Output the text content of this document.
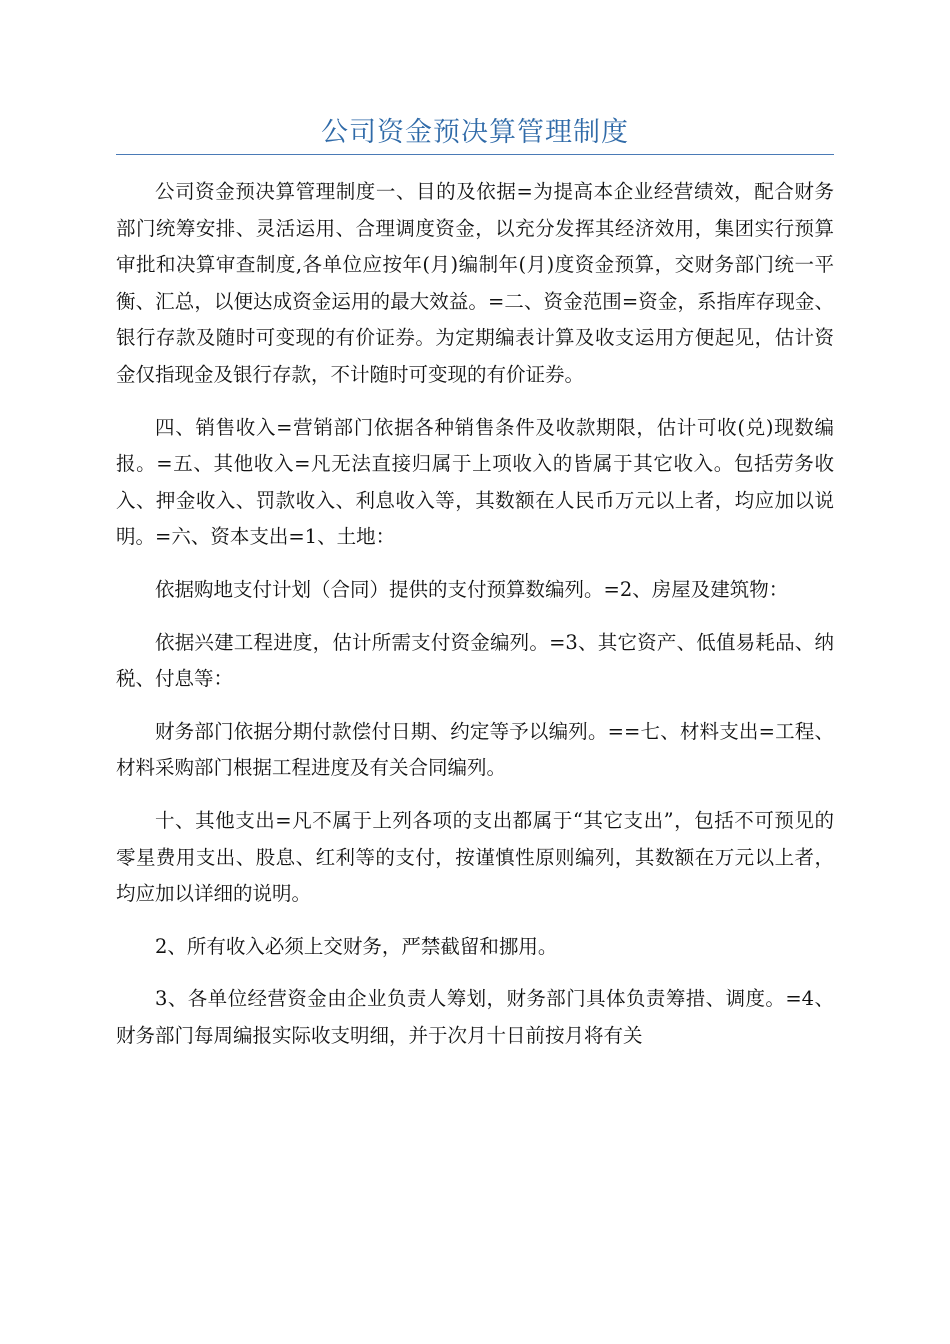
公司资金预决算管理制度

公司资金预决算管理制度一、目的及依据=为提高本企业经营绩效，配合财务部门统筹安排、灵活运用、合理调度资金，以充分发挥其经济效用，集团实行预算审批和决算审查制度,各单位应按年(月)编制年(月)度资金预算，交财务部门统一平衡、汇总，以便达成资金运用的最大效益。=二、资金范围=资金，系指库存现金、银行存款及随时可变现的有价证券。为定期编表计算及收支运用方便起见，估计资金仅指现金及银行存款，不计随时可变现的有价证券。

四、销售收入=营销部门依据各种销售条件及收款期限，估计可收(兑)现数编报。=五、其他收入=凡无法直接归属于上项收入的皆属于其它收入。包括劳务收入、押金收入、罚款收入、利息收入等，其数额在人民币万元以上者，均应加以说明。=六、资本支出=1、土地：

依据购地支付计划（合同）提供的支付预算数编列。=2、房屋及建筑物：

依据兴建工程进度，估计所需支付资金编列。=3、其它资产、低值易耗品、纳税、付息等：

财务部门依据分期付款偿付日期、约定等予以编列。==七、材料支出=工程、材料采购部门根据工程进度及有关合同编列。

十、其他支出=凡不属于上列各项的支出都属于“其它支出”，包括不可预见的零星费用支出、股息、红利等的支付，按谨慎性原则编列，其数额在万元以上者，均应加以详细的说明。

2、所有收入必须上交财务，严禁截留和挪用。

3、各单位经营资金由企业负责人筹划，财务部门具体负责筹措、调度。=4、财务部门每周编报实际收支明细，并于次月十日前按月将有关
